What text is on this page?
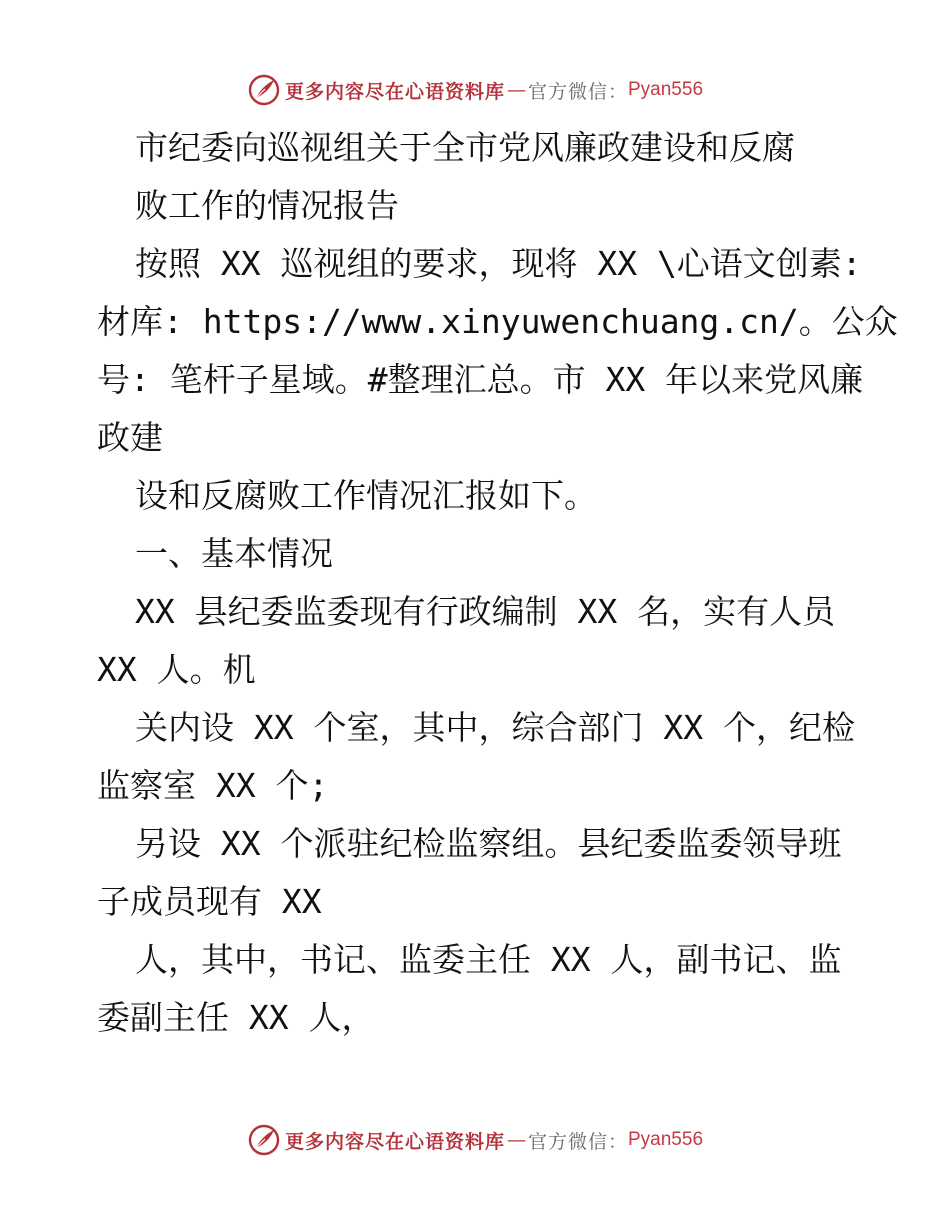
更多内容尽在心语资料库 — 官方微信： Pyan556
市纪委向巡视组关于全市党风廉政建设和反腐
败工作的情况报告
按照 XX 巡视组的要求，现将 XX \心语文创素:
材库: https://www.xinyuwenchuang.cn/。公众
号: 笔杆子星域。#整理汇总。市 XX 年以来党风廉
政建
设和反腐败工作情况汇报如下。
一、基本情况
XX 县纪委监委现有行政编制 XX 名，实有人员
XX 人。机
关内设 XX 个室，其中，综合部门 XX 个，纪检
监察室 XX 个;
另设 XX 个派驻纪检监察组。县纪委监委领导班
子成员现有 XX
人，其中，书记、监委主任 XX 人，副书记、监
委副主任 XX 人，
更多内容尽在心语资料库 — 官方微信： Pyan556
